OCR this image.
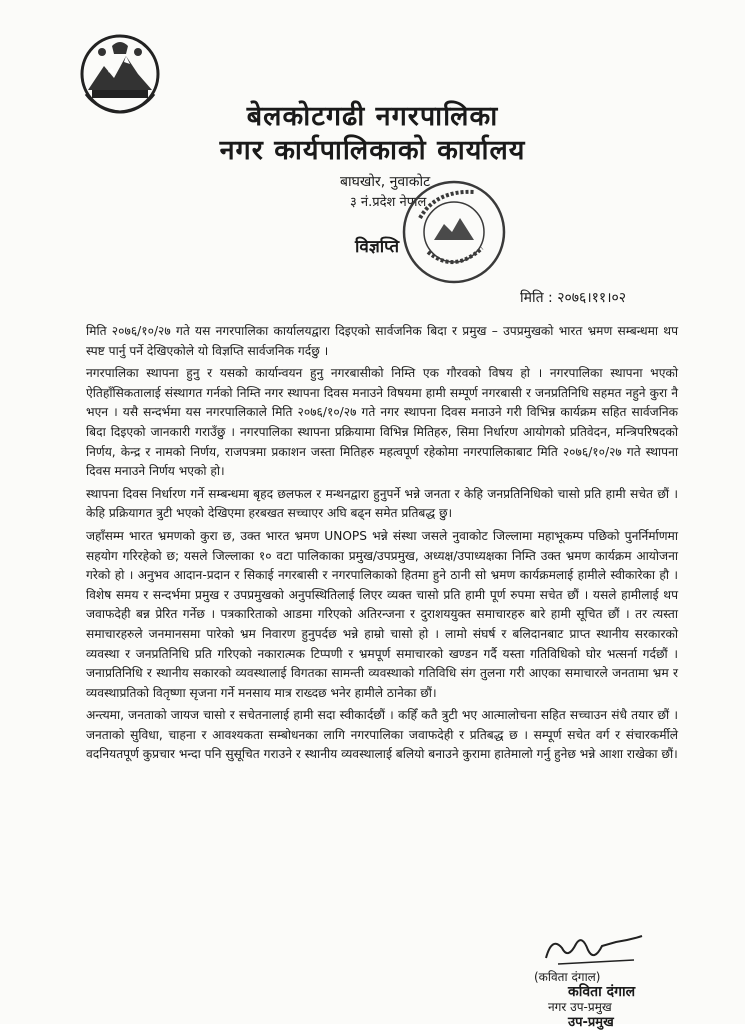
बेलकोटगढी नगरपालिका
नगर कार्यपालिकाको कार्यालय
बाघखोर, नुवाकोट
३ नं.प्रदेश नेपाल
विज्ञप्ति
मिति : २०७६।११।०२

मिति २०७६/१०/२७ गते यस नगरपालिका कार्यालयद्वारा दिइएको सार्वजनिक बिदा र प्रमुख – उपप्रमुखको भारत भ्रमण सम्बन्धमा थप स्पष्ट पार्नु पर्ने देखिएकोले यो विज्ञप्ति सार्वजनिक गर्दछु ।

नगरपालिका स्थापना हुनु र यसको कार्यान्वयन हुनु नगरबासीको निम्ति एक गौरवको विषय हो । नगरपालिका स्थापना भएको ऐतिहाँसिकतालाई संस्थागत गर्नको निम्ति नगर स्थापना दिवस मनाउने विषयमा हामी सम्पूर्ण नगरबासी र जनप्रतिनिधि सहमत नहुने कुरा नै भएन । यसै सन्दर्भमा यस नगरपालिकाले मिति २०७६/१०/२७ गते नगर स्थापना दिवस मनाउने गरी विभिन्न कार्यक्रम सहित सार्वजनिक बिदा दिइएको जानकारी गराउँछु । नगरपालिका स्थापना प्रक्रियामा विभिन्न मितिहरु, सिमा निर्धारण आयोगको प्रतिवेदन, मन्त्रिपरिषदको निर्णय, केन्द्र र नामको निर्णय, राजपत्रमा प्रकाशन जस्ता मितिहरु महत्वपूर्ण रहेकोमा नगरपालिकाबाट मिति २०७६/१०/२७ गते स्थापना दिवस मनाउने निर्णय भएको हो।

स्थापना दिवस निर्धारण गर्ने सम्बन्धमा बृहद छलफल र मन्थनद्वारा हुनुपर्ने भन्ने जनता र केहि जनप्रतिनिधिको चासो प्रति हामी सचेत छौं । केहि प्रक्रियागत त्रुटी भएको देखिएमा हरबखत सच्चाएर अघि बढ्न समेत प्रतिबद्ध छु।

जहाँसम्म भारत भ्रमणको कुरा छ, उक्त भारत भ्रमण UNOPS भन्ने संस्था जसले नुवाकोट जिल्लामा महाभूकम्प पछिको पुनर्निर्माणमा सहयोग गरिरहेको छ; यसले जिल्लाका १० वटा पालिकाका प्रमुख/उपप्रमुख, अध्यक्ष/उपाध्यक्षका निम्ति उक्त भ्रमण कार्यक्रम आयोजना गरेको हो । अनुभव आदान-प्रदान र सिकाई नगरबासी र नगरपालिकाको हितमा हुने ठानी सो भ्रमण कार्यक्रमलाई हामीले स्वीकारेका हौ । विशेष समय र सन्दर्भमा प्रमुख र उपप्रमुखको अनुपस्थितिलाई लिएर व्यक्त चासो प्रति हामी पूर्ण रुपमा सचेत छौं । यसले हामीलाई थप जवाफदेही बन्न प्रेरित गर्नेछ । पत्रकारिताको आडमा गरिएको अतिरन्जना र दुराशययुक्त समाचारहरु बारे हामी सूचित छौं । तर त्यस्ता समाचारहरुले जनमानसमा पारेको भ्रम निवारण हुनुपर्दछ भन्ने हाम्रो चासो हो । लामो संघर्ष र बलिदानबाट प्राप्त स्थानीय सरकारको व्यवस्था र जनप्रतिनिधि प्रति गरिएको नकारात्मक टिप्पणी र भ्रमपूर्ण समाचारको खण्डन गर्दै यस्ता गतिविधिको घोर भत्सर्ना गर्दछौं । जनाप्रतिनिधि र स्थानीय सकारको व्यवस्थालाई विगतका सामन्ती व्यवस्थाको गतिविधि संग तुलना गरी आएका समाचारले जनतामा भ्रम र व्यवस्थाप्रतिको वितृष्णा सृजना गर्ने मनसाय मात्र राख्दछ भनेर हामीले ठानेका छौं।

अन्त्यमा, जनताको जायज चासो र सचेतनालाई हामी सदा स्वीकार्दछौं । कहिँ कतै त्रुटी भए आत्मालोचना सहित सच्चाउन संधै तयार छौं । जनताको सुविधा, चाहना र आवश्यकता सम्बोधनका लागि नगरपालिका जवाफदेही र प्रतिबद्ध छ । सम्पूर्ण सचेत वर्ग र संचारकर्मीले वदनियतपूर्ण कुप्रचार भन्दा पनि सुसूचित गराउने र स्थानीय व्यवस्थालाई बलियो बनाउने कुरामा हातेमालो गर्नु हुनेछ भन्ने आशा राखेका छौं।

(कविता दंगाल)
कविता दंगाल
नगर उप-प्रमुख
उप-प्रमुख
